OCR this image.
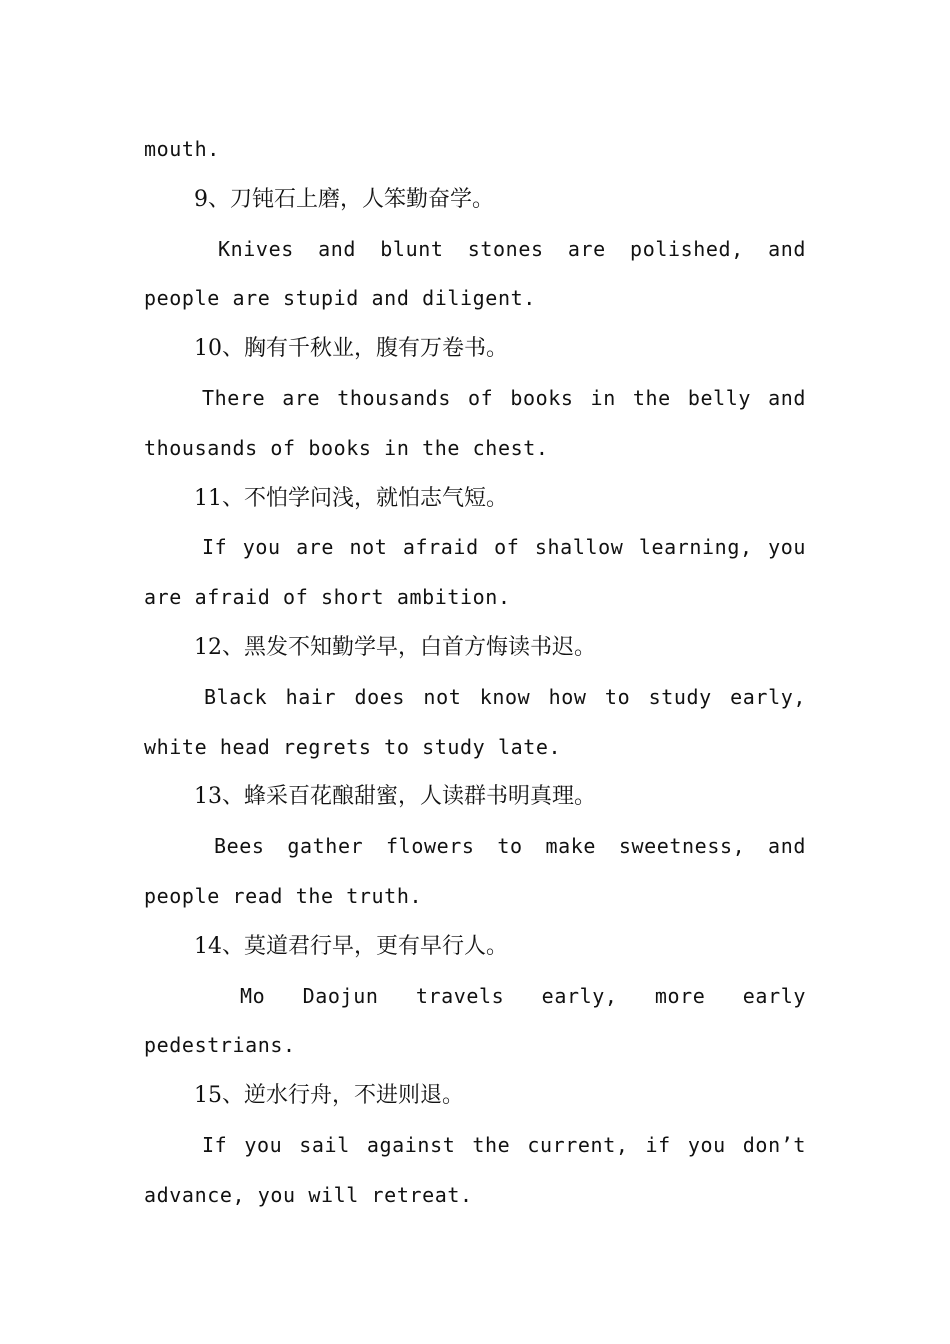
mouth.
9、刀钝石上磨，人笨勤奋学。
Knives and blunt stones are polished, and
people are stupid and diligent.
10、胸有千秋业，腹有万卷书。
There are thousands of books in the belly and
thousands of books in the chest.
11、不怕学问浅，就怕志气短。
If you are not afraid of shallow learning, you
are afraid of short ambition.
12、黑发不知勤学早，白首方悔读书迟。
Black hair does not know how to study early,
white head regrets to study late.
13、蜂采百花酿甜蜜，人读群书明真理。
Bees gather flowers to make sweetness, and
people read the truth.
14、莫道君行早，更有早行人。
Mo Daojun travels early, more early
pedestrians.
15、逆水行舟，不进则退。
If you sail against the current, if you don’t
advance, you will retreat.
